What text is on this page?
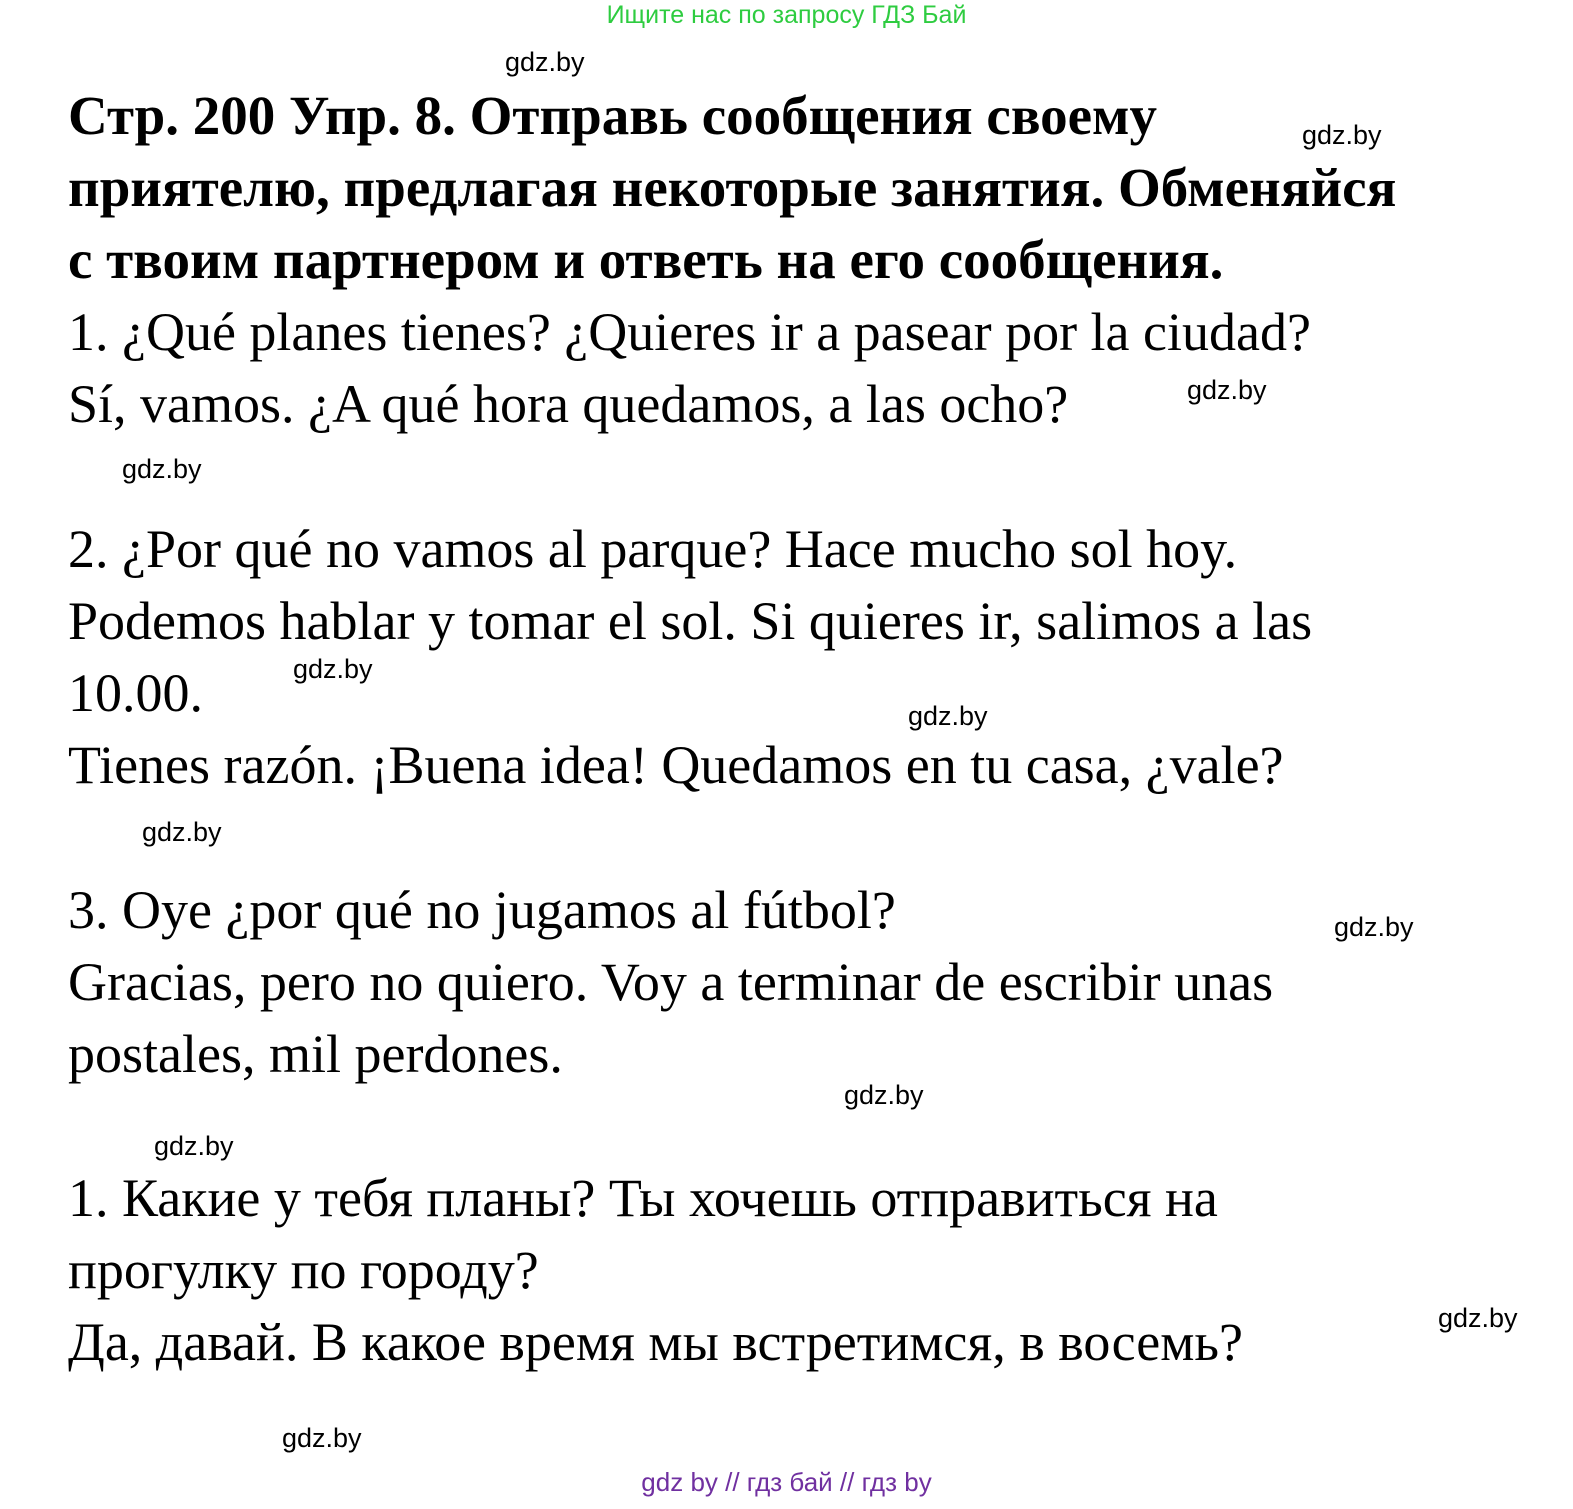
Ищите нас по запросу ГДЗ Бай
gdz.by
gdz.by
gdz.by
gdz.by
gdz.by
gdz.by
gdz.by
gdz.by
gdz.by
gdz.by
gdz.by
gdz.by
Стр. 200 Упр. 8. Отправь сообщения своему
приятелю, предлагая некоторые занятия. Обменяйся
с твоим партнером и ответь на его сообщения.
1. ¿Qué planes tienes? ¿Quieres ir a pasear por la ciudad?
Sí, vamos. ¿A qué hora quedamos, a las ocho?
2. ¿Por qué no vamos al parque? Hace mucho sol hoy.
Podemos hablar y tomar el sol. Si quieres ir, salimos a las
10.00.
Tienes razón. ¡Buena idea! Quedamos en tu casa, ¿vale?
3. Oye ¿por qué no jugamos al fútbol?
Gracias, pero no quiero. Voy a terminar de escribir unas
postales, mil perdones.
1. Какие у тебя планы? Ты хочешь отправиться на
прогулку по городу?
Да, давай. В какое время мы встретимся, в восемь?
gdz by // гдз бай // гдз by
